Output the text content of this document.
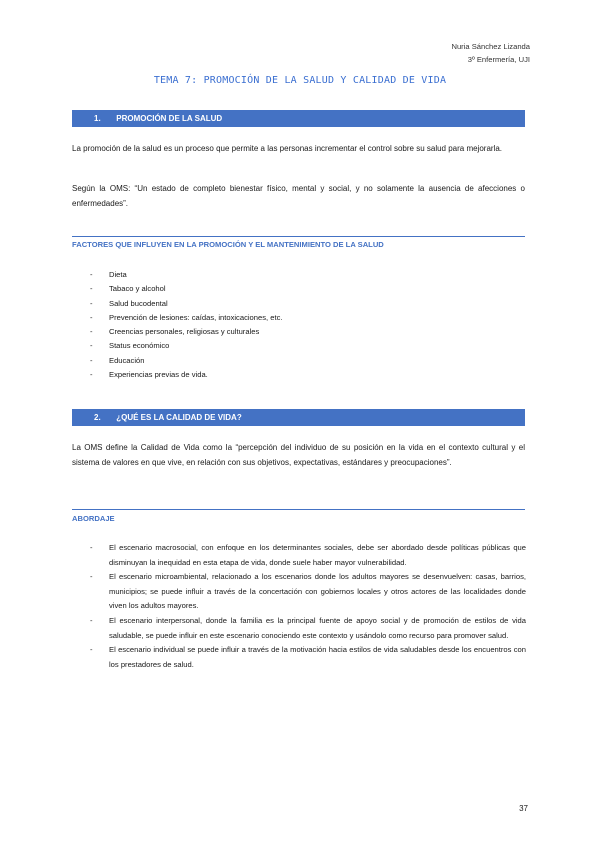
Nuria Sánchez Lizanda
3º Enfermería, UJI
TEMA 7: PROMOCIÓN DE LA SALUD Y CALIDAD DE VIDA
1. PROMOCIÓN DE LA SALUD
La promoción de la salud es un proceso que permite a las personas incrementar el control sobre su salud para mejorarla.
Según la OMS: “Un estado de completo bienestar físico, mental y social, y no solamente la ausencia de afecciones o enfermedades”.
FACTORES QUE INFLUYEN EN LA PROMOCIÓN Y EL MANTENIMIENTO DE LA SALUD
- Dieta
- Tabaco y alcohol
- Salud bucodental
- Prevención de lesiones: caídas, intoxicaciones, etc.
- Creencias personales, religiosas y culturales
- Status económico
- Educación
- Experiencias previas de vida.
2. ¿QUÉ ES LA CALIDAD DE VIDA?
La OMS define la Calidad de Vida como la “percepción del individuo de su posición en la vida en el contexto cultural y el sistema de valores en que vive, en relación con sus objetivos, expectativas, estándares y preocupaciones”.
ABORDAJE
- El escenario macrosocial, con enfoque en los determinantes sociales, debe ser abordado desde políticas públicas que disminuyan la inequidad en esta etapa de vida, donde suele haber mayor vulnerabilidad.
- El escenario microambiental, relacionado a los escenarios donde los adultos mayores se desenvuelven: casas, barrios, municipios; se puede influir a través de la concertación con gobiernos locales y otros actores de las localidades donde viven los adultos mayores.
- El escenario interpersonal, donde la familia es la principal fuente de apoyo social y de promoción de estilos de vida saludable, se puede influir en este escenario conociendo este contexto y usándolo como recurso para promover salud.
- El escenario individual se puede influir a través de la motivación hacia estilos de vida saludables desde los encuentros con los prestadores de salud.
37
